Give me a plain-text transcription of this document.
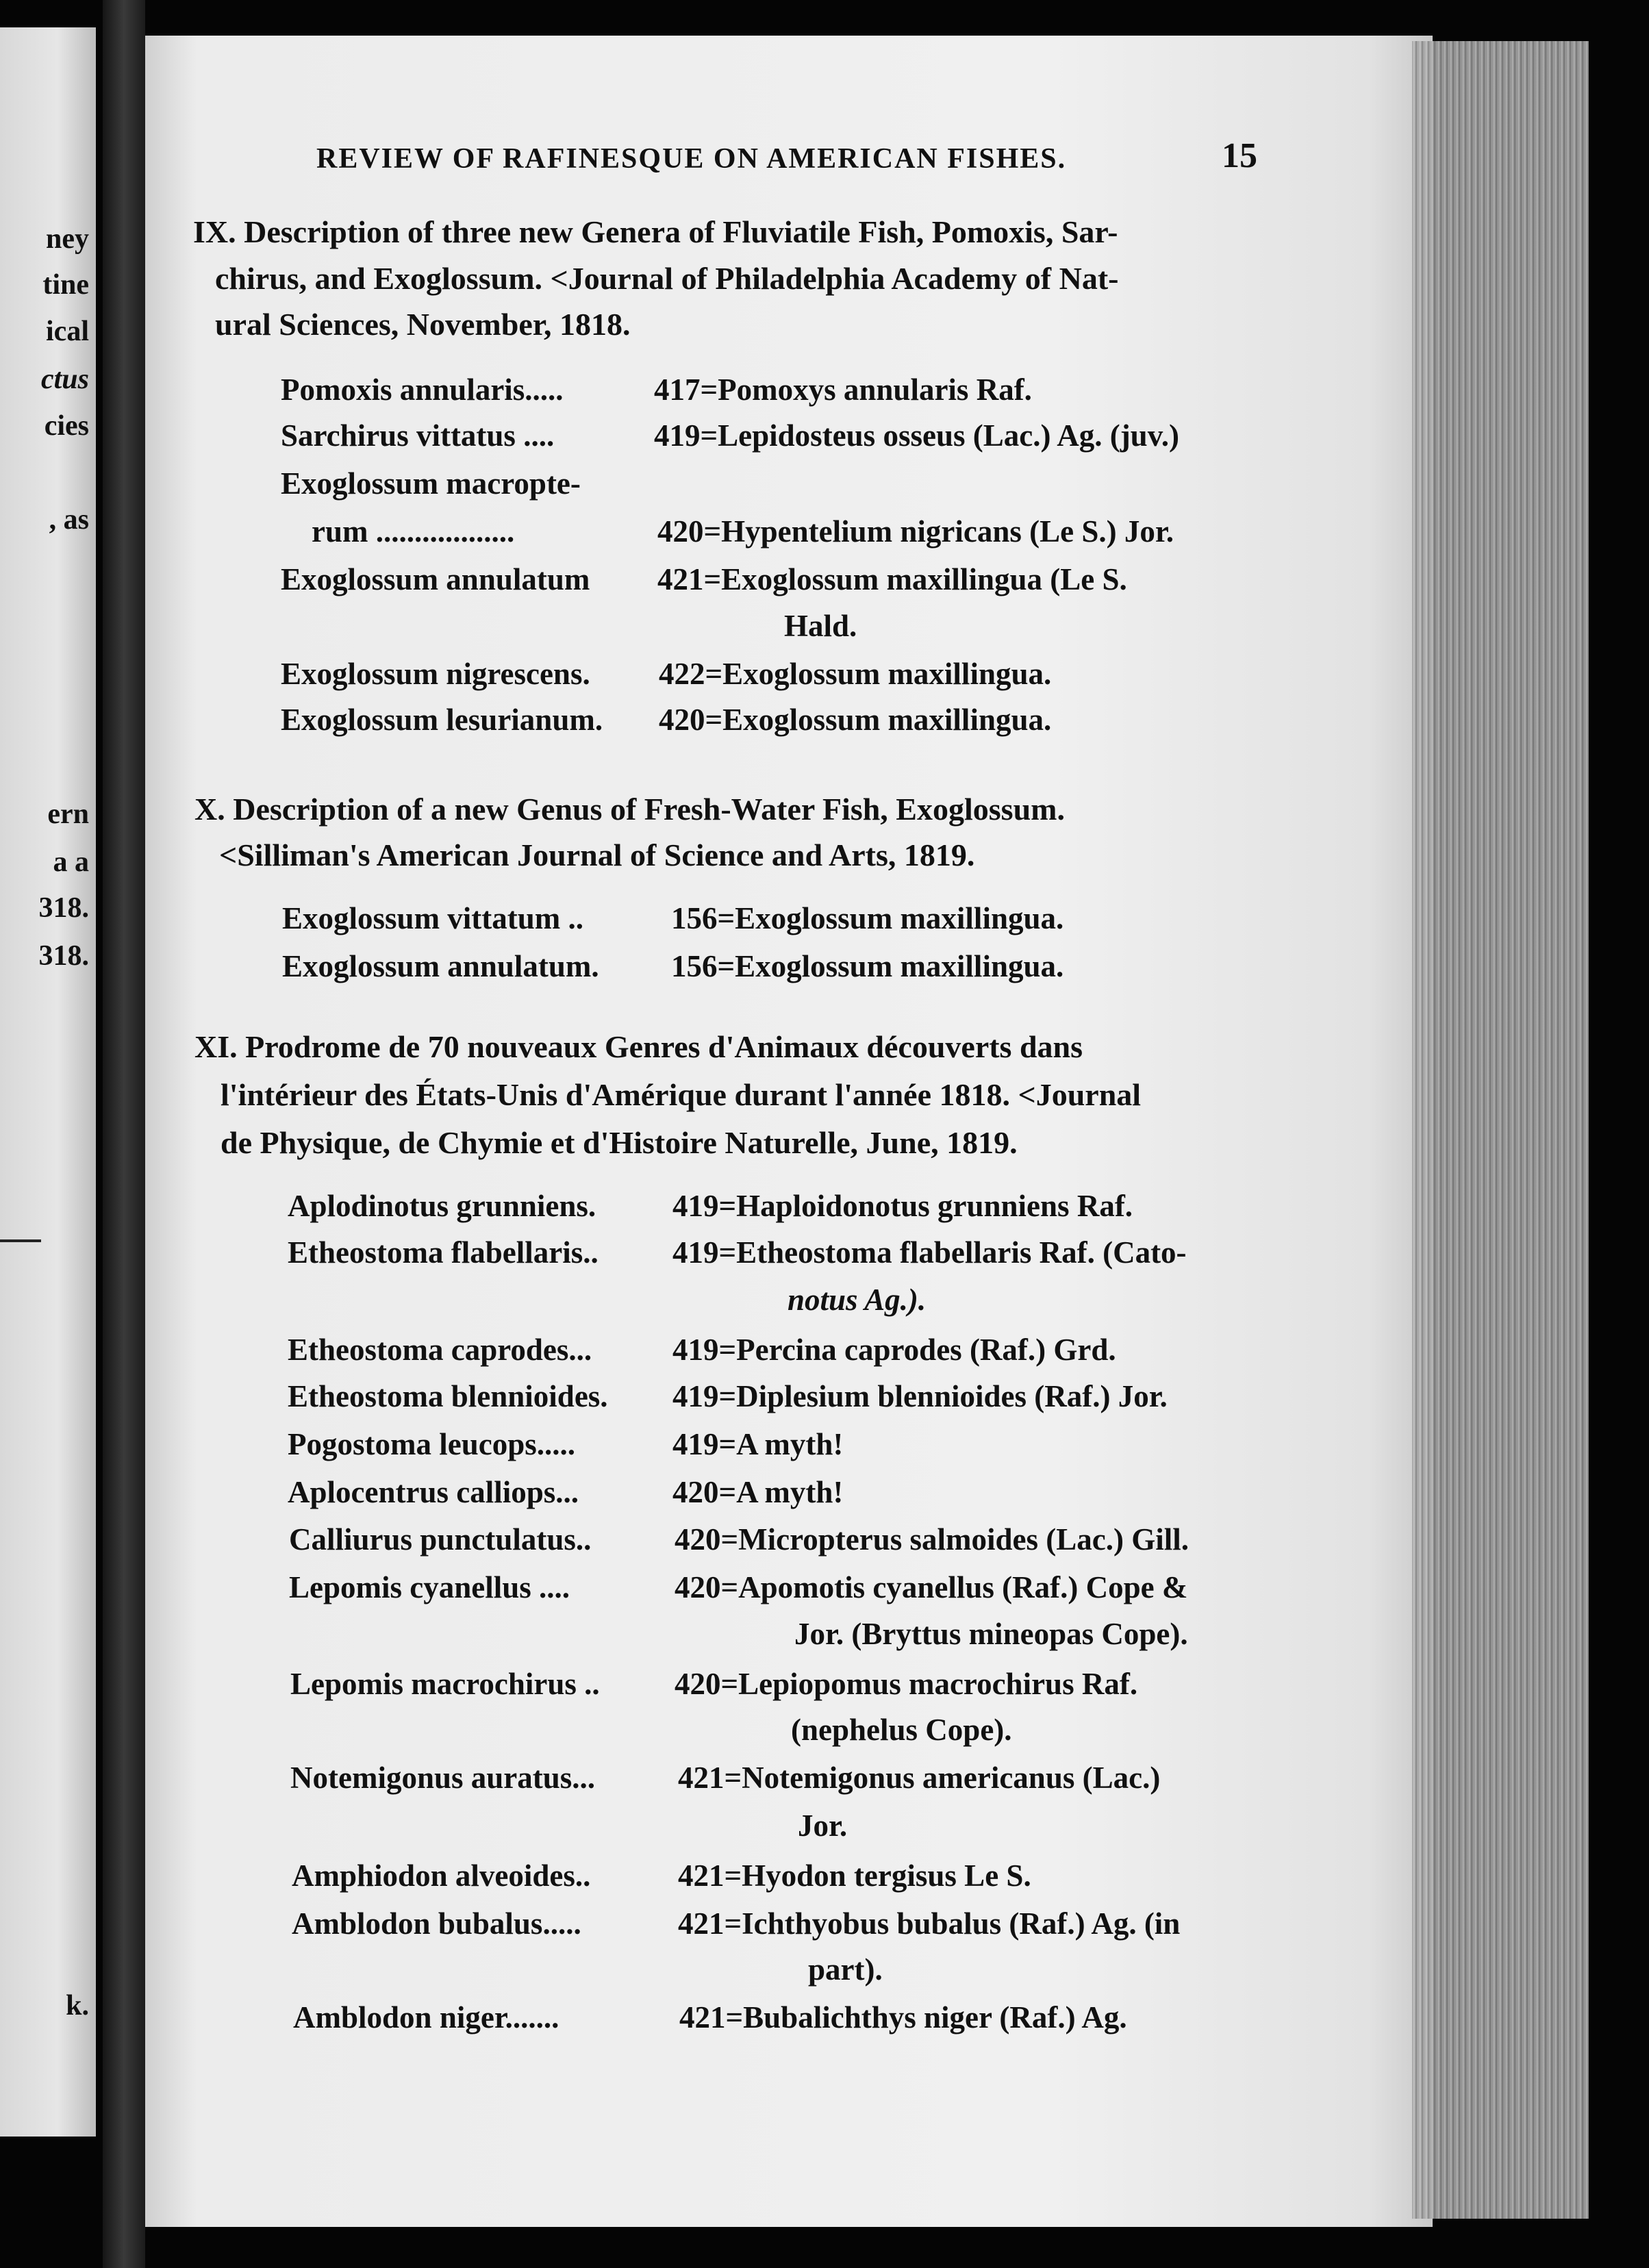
ney
tine
ical
ctus
cies
, as
ern
a a
318.
318.
k.
REVIEW OF RAFINESQUE ON AMERICAN FISHES.	15
IX. Description of three new Genera of Fluviatile Fish, Pomoxis, Sar-
chirus, and Exoglossum. <Journal of Philadelphia Academy of Nat-
ural Sciences, November, 1818.
Pomoxis annularis.....	417=Pomoxys annularis Raf.
Sarchirus vittatus ....	419=Lepidosteus osseus (Lac.) Ag. (juv.)
Exoglossum macropte-
rum ..................	420=Hypentelium nigricans (Le S.) Jor.
Exoglossum annulatum 421=Exoglossum maxillingua (Le S.
Hald.
Exoglossum nigrescens. 422=Exoglossum maxillingua.
Exoglossum lesurianum. 420=Exoglossum maxillingua.
X. Description of a new Genus of Fresh-Water Fish, Exoglossum.
<Silliman's American Journal of Science and Arts, 1819.
Exoglossum vittatum ..	156=Exoglossum maxillingua.
Exoglossum annulatum. 156=Exoglossum maxillingua.
XI. Prodrome de 70 nouveaux Genres d'Animaux découverts dans
l'intérieur des États-Unis d'Amérique durant l'année 1818. <Journal
de Physique, de Chymie et d'Histoire Naturelle, June, 1819.
Aplodinotus grunniens. 419=Haploidonotus grunniens Raf.
Etheostoma flabellaris.. 419=Etheostoma flabellaris Raf. (Cato-
notus Ag.).
Etheostoma caprodes...	419=Percina caprodes (Raf.) Grd.
Etheostoma blennioides. 419=Diplesium blennioides (Raf.) Jor.
Pogostoma leucops.....	419=A myth!
Aplocentrus calliops...	420=A myth!
Calliurus punctulatus..	420=Micropterus salmoides (Lac.) Gill.
Lepomis cyanellus ....	420=Apomotis cyanellus (Raf.) Cope &
Jor. (Bryttus mineopas Cope).
Lepomis macrochirus .. 420=Lepiopomus macrochirus Raf.
(nephelus Cope).
Notemigonus auratus...	421=Notemigonus americanus (Lac.)
Jor.
Amphiodon alveoides..	421=Hyodon tergisus Le S.
Amblodon bubalus.....	421=Ichthyobus bubalus (Raf.) Ag. (in
part).
Amblodon niger.......	421=Bubalichthys niger (Raf.) Ag.
